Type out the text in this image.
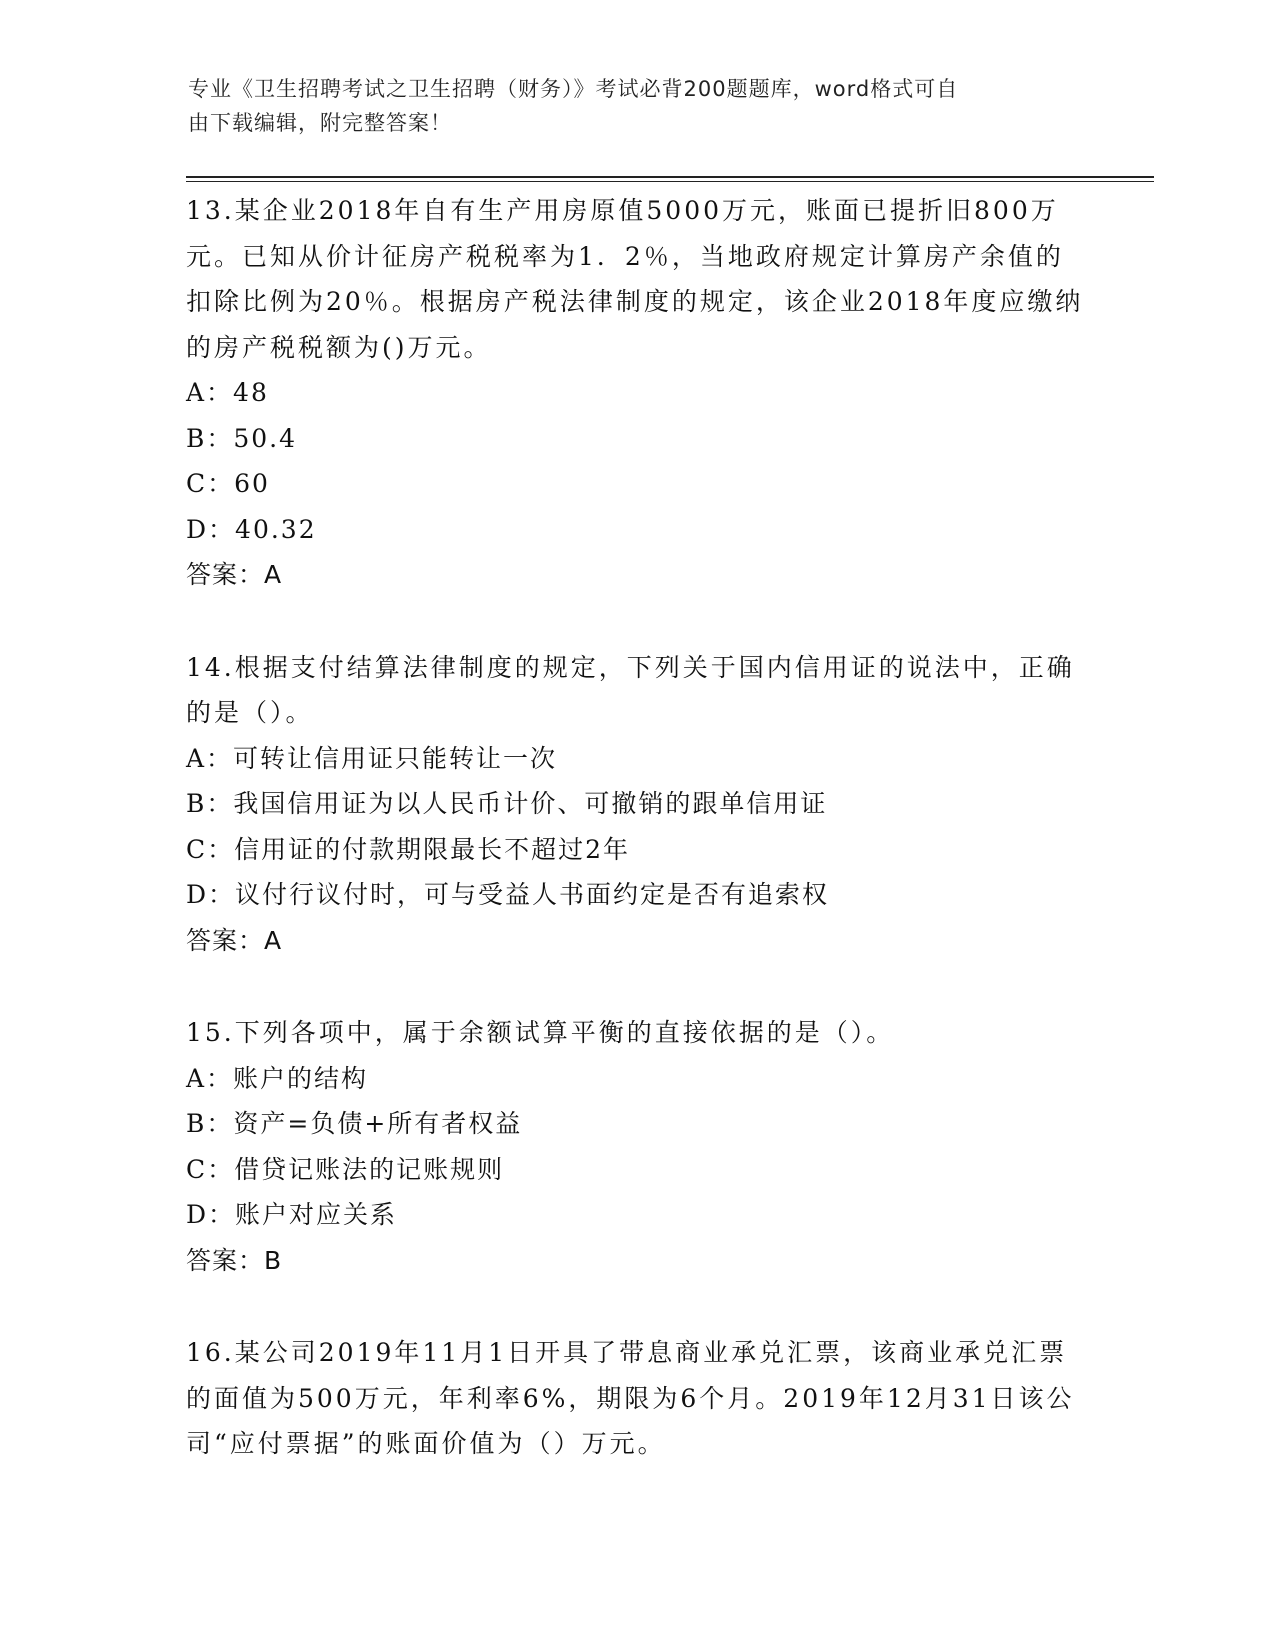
专业《卫生招聘考试之卫生招聘（财务）》考试必背200题题库，word格式可自
由下载编辑，附完整答案！
13.某企业2018年自有生产用房原值5000万元，账面已提折旧800万元。已知从价计征房产税税率为1．2％，当地政府规定计算房产余值的扣除比例为20％。根据房产税法律制度的规定，该企业2018年度应缴纳的房产税税额为()万元。
A：48
B：50.4
C：60
D：40.32
答案：A
14.根据支付结算法律制度的规定，下列关于国内信用证的说法中，正确的是（）。
A：可转让信用证只能转让一次
B：我国信用证为以人民币计价、可撤销的跟单信用证
C：信用证的付款期限最长不超过2年
D：议付行议付时，可与受益人书面约定是否有追索权
答案：A
15.下列各项中，属于余额试算平衡的直接依据的是（）。
A：账户的结构
B：资产=负债+所有者权益
C：借贷记账法的记账规则
D：账户对应关系
答案：B
16.某公司2019年11月1日开具了带息商业承兑汇票，该商业承兑汇票的面值为500万元，年利率6%，期限为6个月。2019年12月31日该公司“应付票据”的账面价值为（）万元。
